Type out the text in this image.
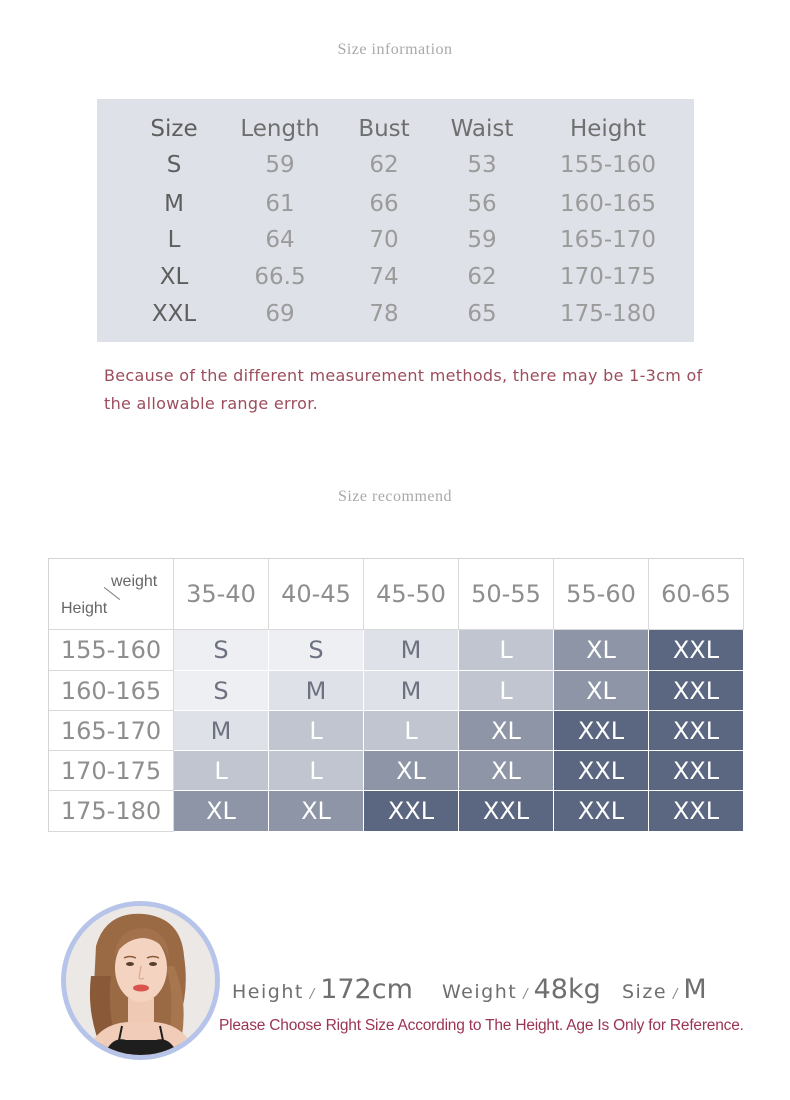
Size information
Size	Length	Bust	Waist	Height
S	59	62	53	155-160
M	61	66	56	160-165
L	64	70	59	165-170
XL	66.5	74	62	170-175
XXL	69	78	65	175-180
Because of the different measurement methods, there may be 1-3cm of the allowable range error.
Size recommend
weight
Height
35-40	40-45	45-50	50-55	55-60	60-65
155-160	S	S	M	L	XL	XXL
160-165	S	M	M	L	XL	XXL
165-170	M	L	L	XL	XXL	XXL
170-175	L	L	XL	XL	XXL	XXL
175-180	XL	XL	XXL	XXL	XXL	XXL
Height / 172cm Weight / 48kg Size / M
Please Choose Right Size According to The Height. Age Is Only for Reference.
